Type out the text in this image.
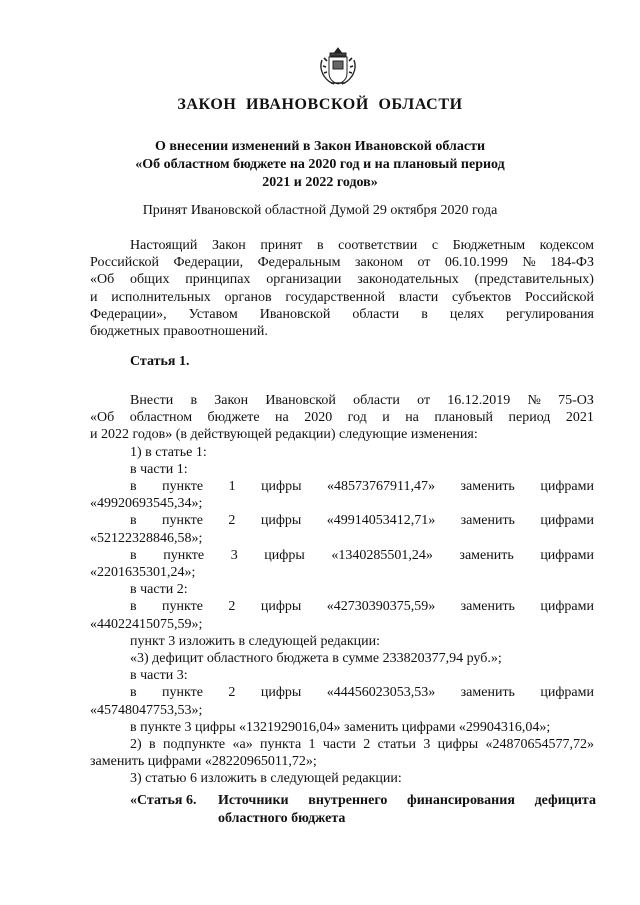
ЗАКОН ИВАНОВСКОЙ ОБЛАСТИ
О внесении изменений в Закон Ивановской области
«Об областном бюджете на 2020 год и на плановый период
2021 и 2022 годов»
Принят Ивановской областной Думой 29 октября 2020 года
Настоящий Закон принят в соответствии с Бюджетным кодексом
Российской Федерации, Федеральным законом от 06.10.1999 № 184-ФЗ
«Об общих принципах организации законодательных (представительных)
и исполнительных органов государственной власти субъектов Российской
Федерации», Уставом Ивановской области в целях регулирования
бюджетных правоотношений.
Статья 1.
Внести в Закон Ивановской области от 16.12.2019 № 75-ОЗ
«Об областном бюджете на 2020 год и на плановый период 2021
и 2022 годов» (в действующей редакции) следующие изменения:
1) в статье 1:
в части 1:
в пункте 1 цифры «48573767911,47» заменить цифрами
«49920693545,34»;
в пункте 2 цифры «49914053412,71» заменить цифрами
«52122328846,58»;
в пункте 3 цифры «1340285501,24» заменить цифрами
«2201635301,24»;
в части 2:
в пункте 2 цифры «42730390375,59» заменить цифрами
«44022415075,59»;
пункт 3 изложить в следующей редакции:
«3) дефицит областного бюджета в сумме 233820377,94 руб.»;
в части 3:
в пункте 2 цифры «44456023053,53» заменить цифрами
«45748047753,53»;
в пункте 3 цифры «1321929016,04» заменить цифрами «29904316,04»;
2) в подпункте «а» пункта 1 части 2 статьи 3 цифры «24870654577,72»
заменить цифрами «28220965011,72»;
3) статью 6 изложить в следующей редакции:
«Статья 6.	Источники внутреннего финансирования дефицита
областного бюджета
